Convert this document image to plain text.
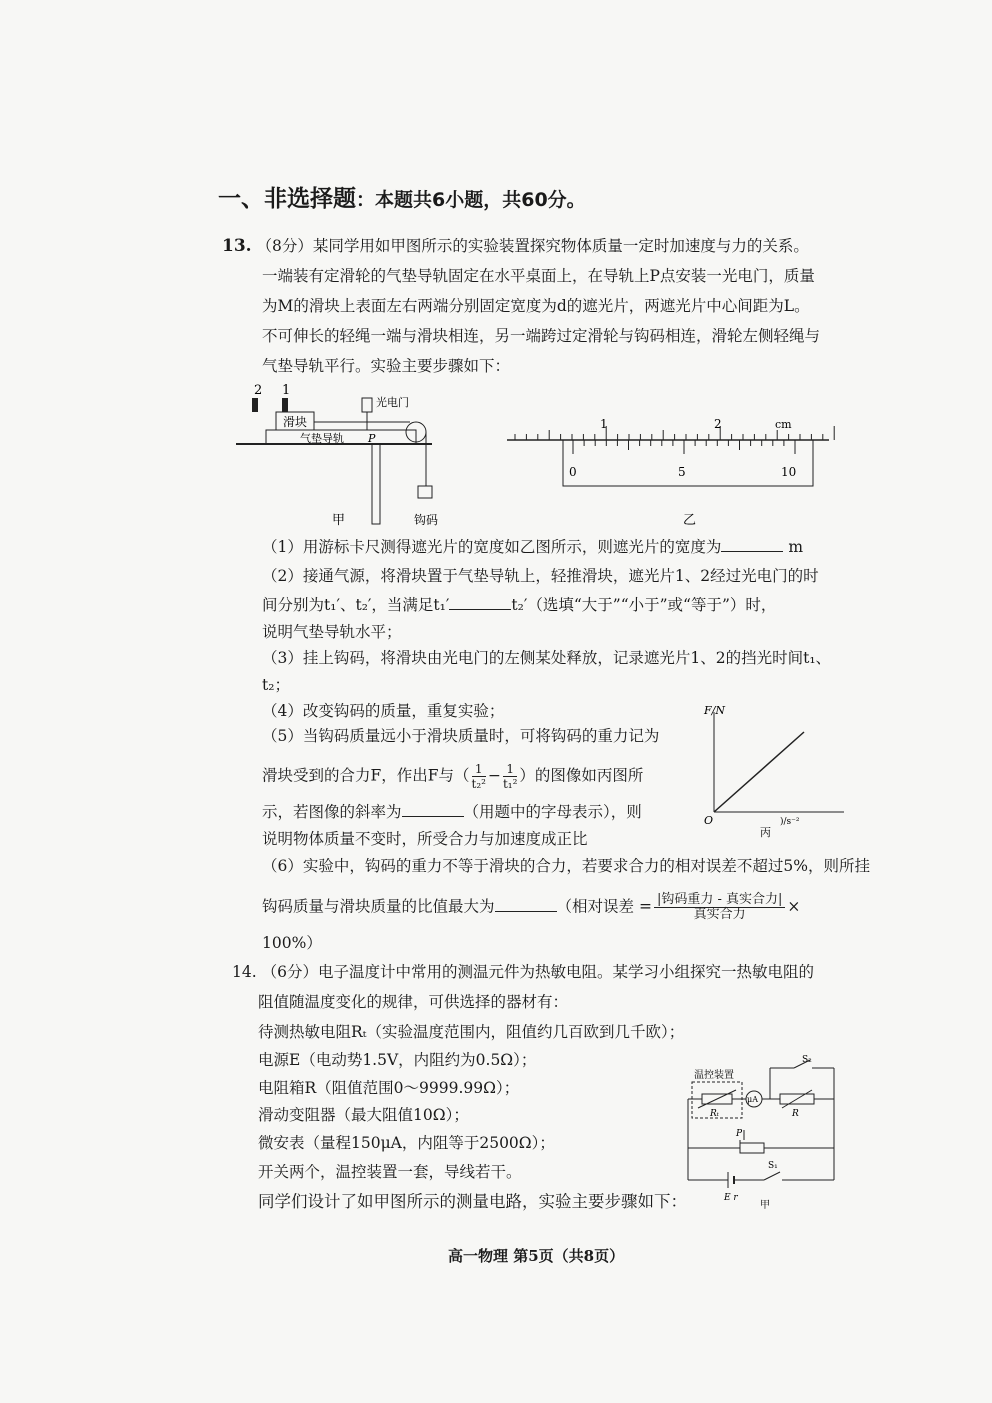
一、非选择题：本题共6小题，共60分。
13. （8分）某同学用如甲图所示的实验装置探究物体质量一定时加速度与力的关系。
一端装有定滑轮的气垫导轨固定在水平桌面上，在导轨上P点安装一光电门，质量
为M的滑块上表面左右两端分别固定宽度为d的遮光片，两遮光片中心间距为L。
不可伸长的轻绳一端与滑块相连，另一端跨过定滑轮与钩码相连，滑轮左侧轻绳与
气垫导轨平行。实验主要步骤如下：
2 1
滑块
气垫导轨 P
光电门
钩码
甲
1	2	cm
0	5	10
乙
（1）用游标卡尺测得遮光片的宽度如乙图所示，则遮光片的宽度为	m
（2）接通气源，将滑块置于气垫导轨上，轻推滑块，遮光片1、2经过光电门的时
间分别为t₁′、t₂′，当满足t₁′	t₂′（选填“大于”“小于”或“等于”）时，
说明气垫导轨水平；
（3）挂上钩码，将滑块由光电门的左侧某处释放，记录遮光片1、2的挡光时间t₁、
t₂；
（4）改变钩码的质量，重复实验；
（5）当钩码质量远小于滑块质量时，可将钩码的重力记为
滑块受到的合力F，作出F与（ $\frac{1}{\text{t₂²}} - \frac{1}{\text{t₁²}}$ ）的图像如丙图所
示，若图像的斜率为	（用题中的字母表示），则
说明物体质量不变时，所受合力与加速度成正比
F/N
O
丙
)/s⁻²
（6）实验中，钩码的重力不等于滑块的合力，若要求合力的相对误差不超过5%，则所挂
钩码质量与滑块质量的比值最大为	（相对误差 = $\frac{\text{|钩码重力 - 真实合力|}}{\text{真实合力}}$ ×
100%）
14. （6分）电子温度计中常用的测温元件为热敏电阻。某学习小组探究一热敏电阻的
阻值随温度变化的规律，可供选择的器材有：
待测热敏电阻Rₜ（实验温度范围内，阻值约几百欧到几千欧）；
电源E（电动势1.5V，内阻约为0.5Ω）；
电阻箱R（阻值范围0～9999.99Ω）；
滑动变阻器（最大阻值10Ω）；
微安表（量程150μA，内阻等于2500Ω）；
开关两个，温控装置一套，导线若干。
同学们设计了如甲图所示的测量电路，实验主要步骤如下：
温控装置
Rₜ
μA
R
S₂
P
S₁
E r
甲
高一物理 第5页（共8页）
